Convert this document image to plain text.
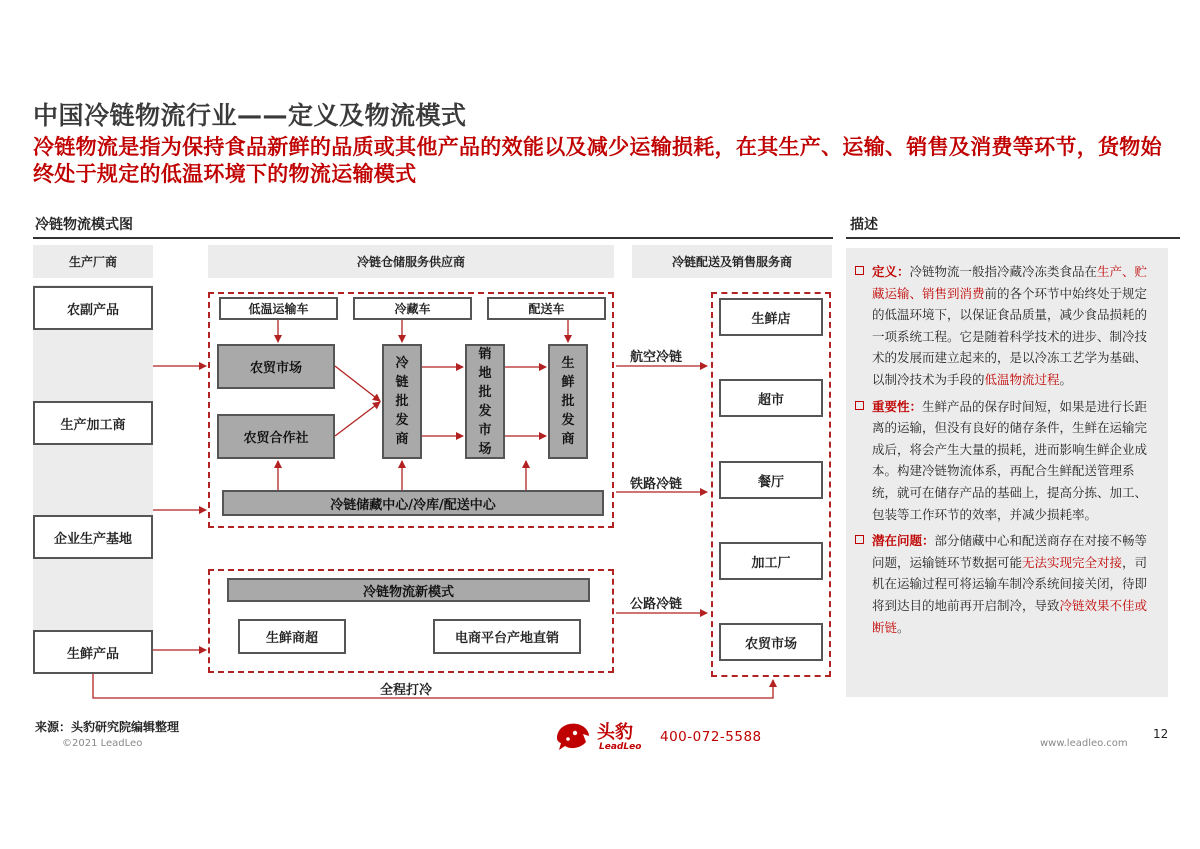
中国冷链物流行业——定义及物流模式
冷链物流是指为保持食品新鲜的品质或其他产品的效能以及减少运输损耗，在其生产、运输、销售及消费等环节，货物始终处于规定的低温环境下的物流运输模式
冷链物流模式图	描述
生产厂商	冷链仓储服务供应商	冷链配送及销售服务商
农副产品
生产加工商
企业生产基地
生鲜产品
低温运输车	冷藏车	配送车
农贸市场
农贸合作社
冷
链
批
发
商
销
地
批
发
市
场
生
鲜
批
发
商
冷链储藏中心/冷库/配送中心
冷链物流新模式
生鲜商超	电商平台产地直销
航空冷链
铁路冷链
公路冷链
生鲜店
超市
餐厅
加工厂
农贸市场
全程打冷
定义：冷链物流一般指冷藏冷冻类食品在生产、贮藏运输、销售到消费前的各个环节中始终处于规定的低温环境下，以保证食品质量，减少食品损耗的一项系统工程。它是随着科学技术的进步、制冷技术的发展而建立起来的，是以冷冻工艺学为基础、以制冷技术为手段的低温物流过程。
重要性：生鲜产品的保存时间短，如果是进行长距离的运输，但没有良好的储存条件，生鲜在运输完成后，将会产生大量的损耗，进而影响生鲜企业成本。构建冷链物流体系，再配合生鲜配送管理系统，就可在储存产品的基础上，提高分拣、加工、包装等工作环节的效率，并减少损耗率。
潜在问题：部分储藏中心和配送商存在对接不畅等问题，运输链环节数据可能无法实现完全对接，司机在运输过程可将运输车制冷系统间接关闭，待即将到达目的地前再开启制冷，导致冷链效果不佳或断链。
来源：头豹研究院编辑整理
©2021 LeadLeo
头豹
LeadLeo
400-072-5588	www.leadleo.com
12
